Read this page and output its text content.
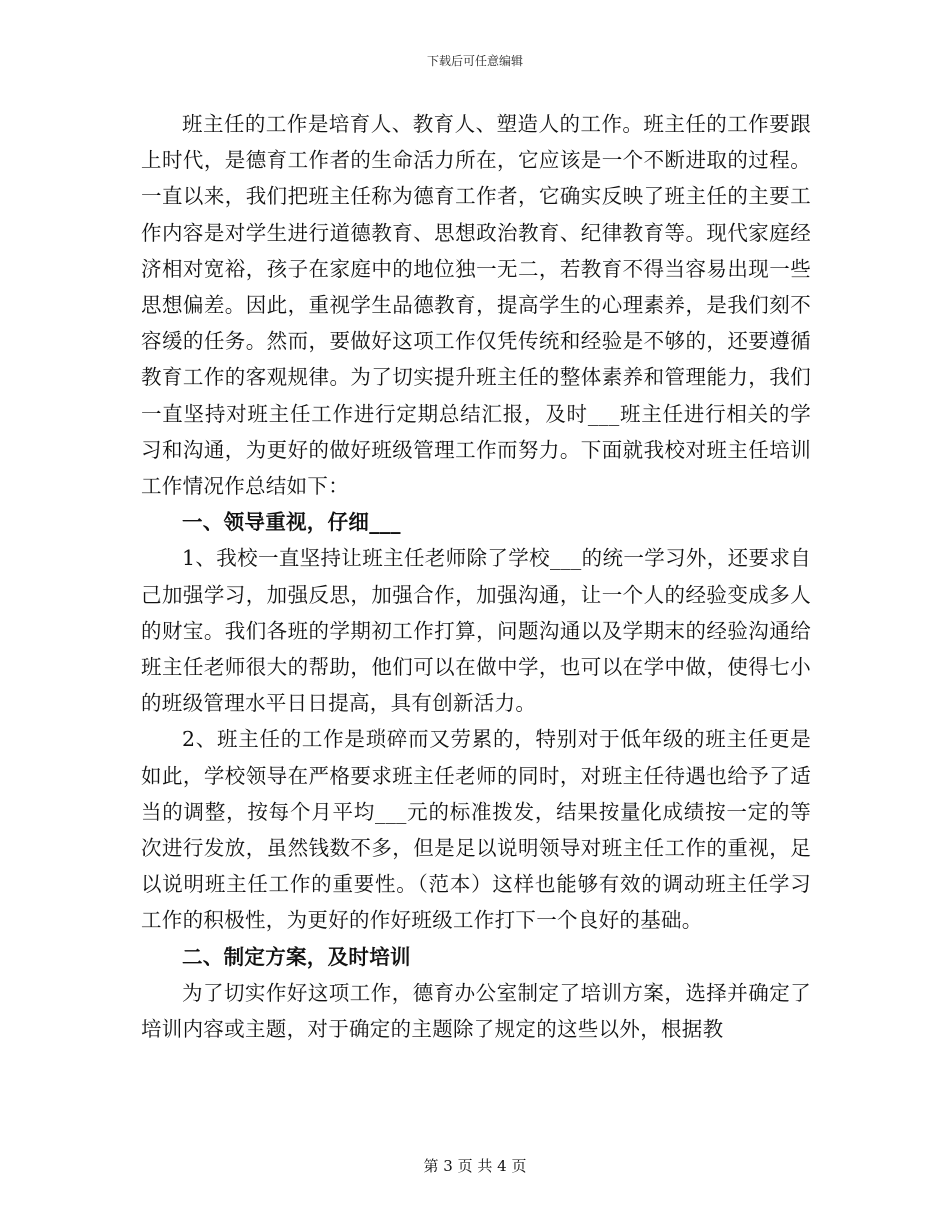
下载后可任意编辑

班主任的工作是培育人、教育人、塑造人的工作。班主任的工作要跟上时代，是德育工作者的生命活力所在，它应该是一个不断进取的过程。一直以来，我们把班主任称为德育工作者，它确实反映了班主任的主要工作内容是对学生进行道德教育、思想政治教育、纪律教育等。现代家庭经济相对宽裕，孩子在家庭中的地位独一无二，若教育不得当容易出现一些思想偏差。因此，重视学生品德教育，提高学生的心理素养，是我们刻不容缓的任务。然而，要做好这项工作仅凭传统和经验是不够的，还要遵循教育工作的客观规律。为了切实提升班主任的整体素养和管理能力，我们一直坚持对班主任工作进行定期总结汇报，及时___班主任进行相关的学习和沟通，为更好的做好班级管理工作而努力。下面就我校对班主任培训工作情况作总结如下：

一、领导重视，仔细___

1、我校一直坚持让班主任老师除了学校___的统一学习外，还要求自己加强学习，加强反思，加强合作，加强沟通，让一个人的经验变成多人的财宝。我们各班的学期初工作打算，问题沟通以及学期末的经验沟通给班主任老师很大的帮助，他们可以在做中学，也可以在学中做，使得七小的班级管理水平日日提高，具有创新活力。

2、班主任的工作是琐碎而又劳累的，特别对于低年级的班主任更是如此，学校领导在严格要求班主任老师的同时，对班主任待遇也给予了适当的调整，按每个月平均___元的标准拨发，结果按量化成绩按一定的等次进行发放，虽然钱数不多，但是足以说明领导对班主任工作的重视，足以说明班主任工作的重要性。（范本）这样也能够有效的调动班主任学习工作的积极性，为更好的作好班级工作打下一个良好的基础。

二、制定方案，及时培训

为了切实作好这项工作，德育办公室制定了培训方案，选择并确定了培训内容或主题，对于确定的主题除了规定的这些以外，根据教

第 3 页 共 4 页
